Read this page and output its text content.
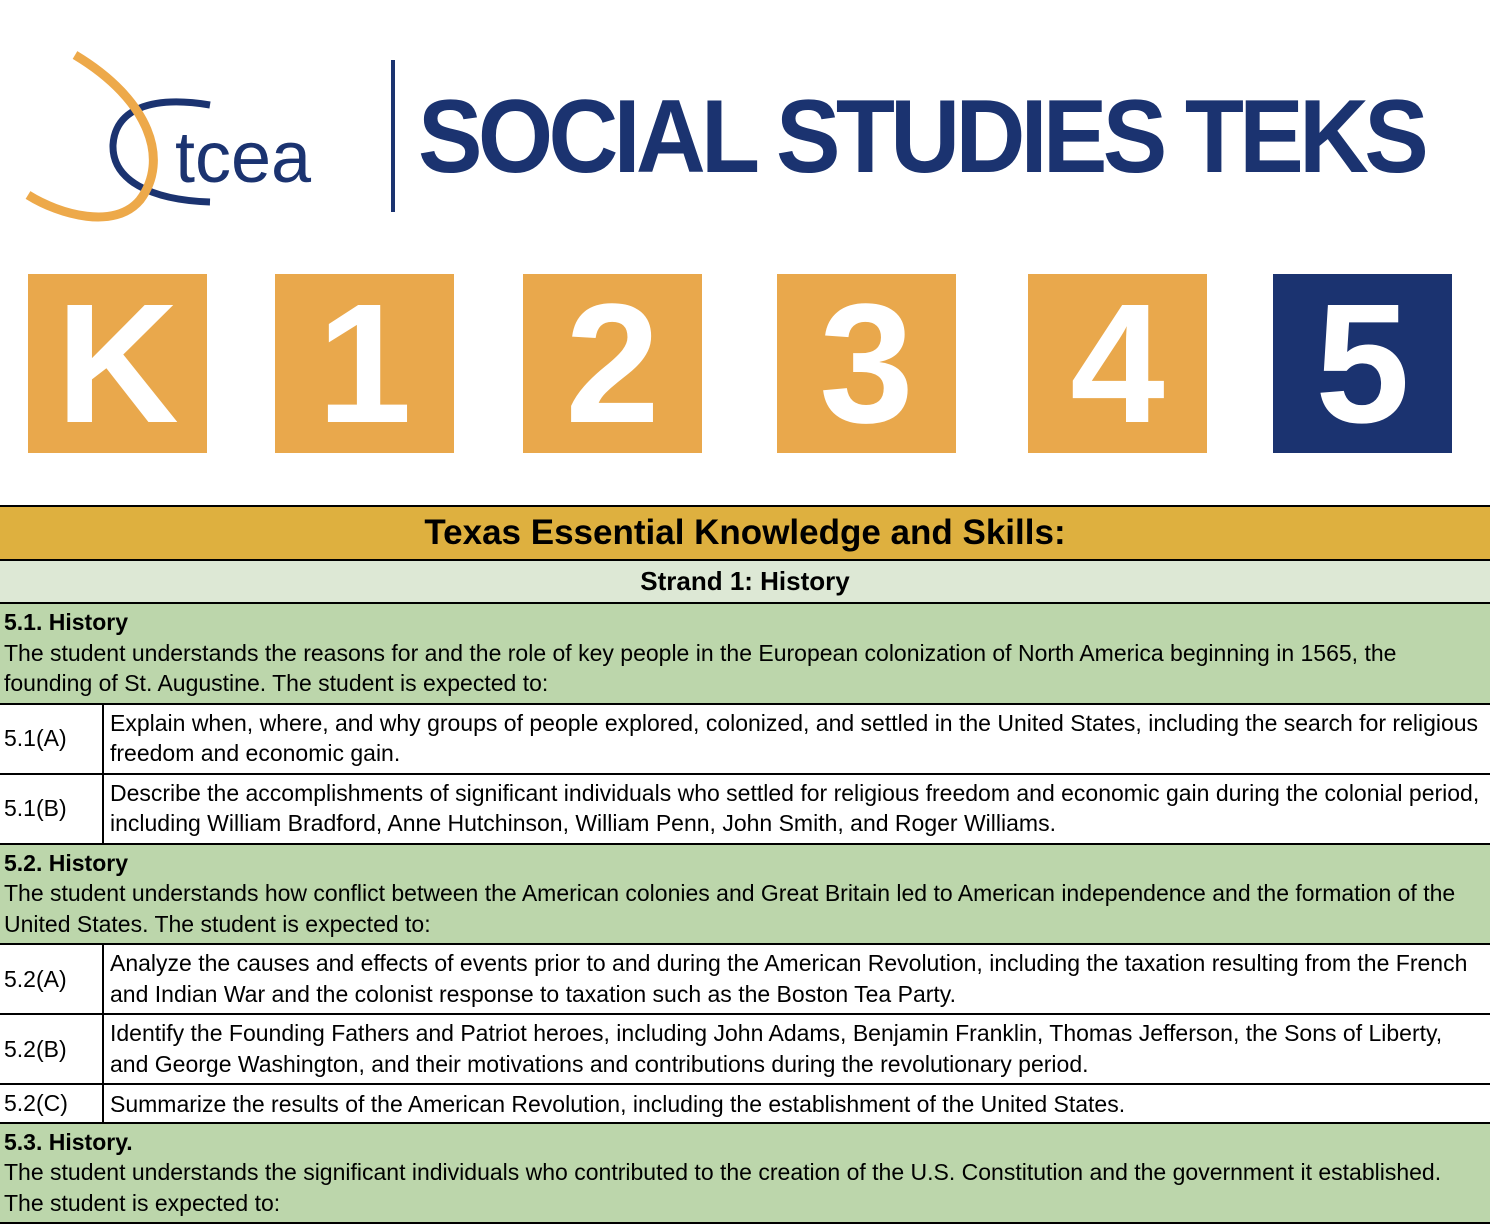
tcea SOCIAL STUDIES TEKS
K 1 2 3 4 5
Texas Essential Knowledge and Skills:
Strand 1: History
5.1. History
The student understands the reasons for and the role of key people in the European colonization of North America beginning in 1565, the founding of St. Augustine. The student is expected to:
5.1(A)
Explain when, where, and why groups of people explored, colonized, and settled in the United States, including the search for religious freedom and economic gain.
5.1(B)
Describe the accomplishments of significant individuals who settled for religious freedom and economic gain during the colonial period, including William Bradford, Anne Hutchinson, William Penn, John Smith, and Roger Williams.
5.2. History
The student understands how conflict between the American colonies and Great Britain led to American independence and the formation of the United States. The student is expected to:
5.2(A)
Analyze the causes and effects of events prior to and during the American Revolution, including the taxation resulting from the French and Indian War and the colonist response to taxation such as the Boston Tea Party.
5.2(B)
Identify the Founding Fathers and Patriot heroes, including John Adams, Benjamin Franklin, Thomas Jefferson, the Sons of Liberty, and George Washington, and their motivations and contributions during the revolutionary period.
5.2(C)	Summarize the results of the American Revolution, including the establishment of the United States.
5.3. History.
The student understands the significant individuals who contributed to the creation of the U.S. Constitution and the government it established. The student is expected to:
